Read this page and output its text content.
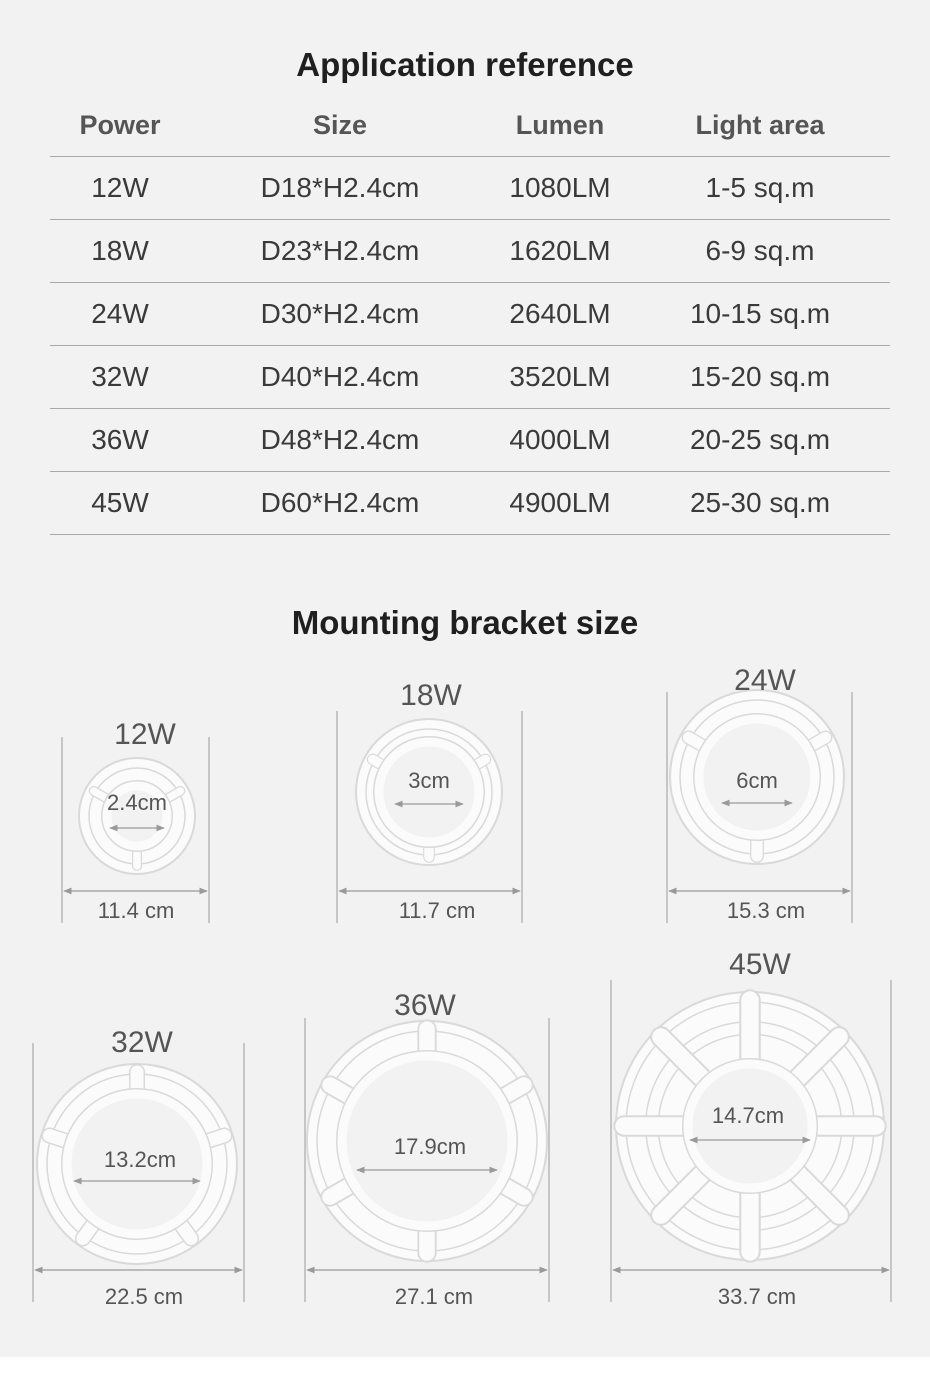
Application reference
Power	Size	Lumen	Light area
12W	D18*H2.4cm	1080LM	1-5 sq.m
18W	D23*H2.4cm	1620LM	6-9 sq.m
24W	D30*H2.4cm	2640LM	10-15 sq.m
32W	D40*H2.4cm	3520LM	15-20 sq.m
36W	D48*H2.4cm	4000LM	20-25 sq.m
45W	D60*H2.4cm	4900LM	25-30 sq.m
Mounting bracket size
12W
11.4 cm
2.4cm
18W
11.7 cm
3cm
24W
15.3 cm
6cm
32W
22.5 cm
13.2cm
36W
27.1 cm
17.9cm
45W
33.7 cm
14.7cm
